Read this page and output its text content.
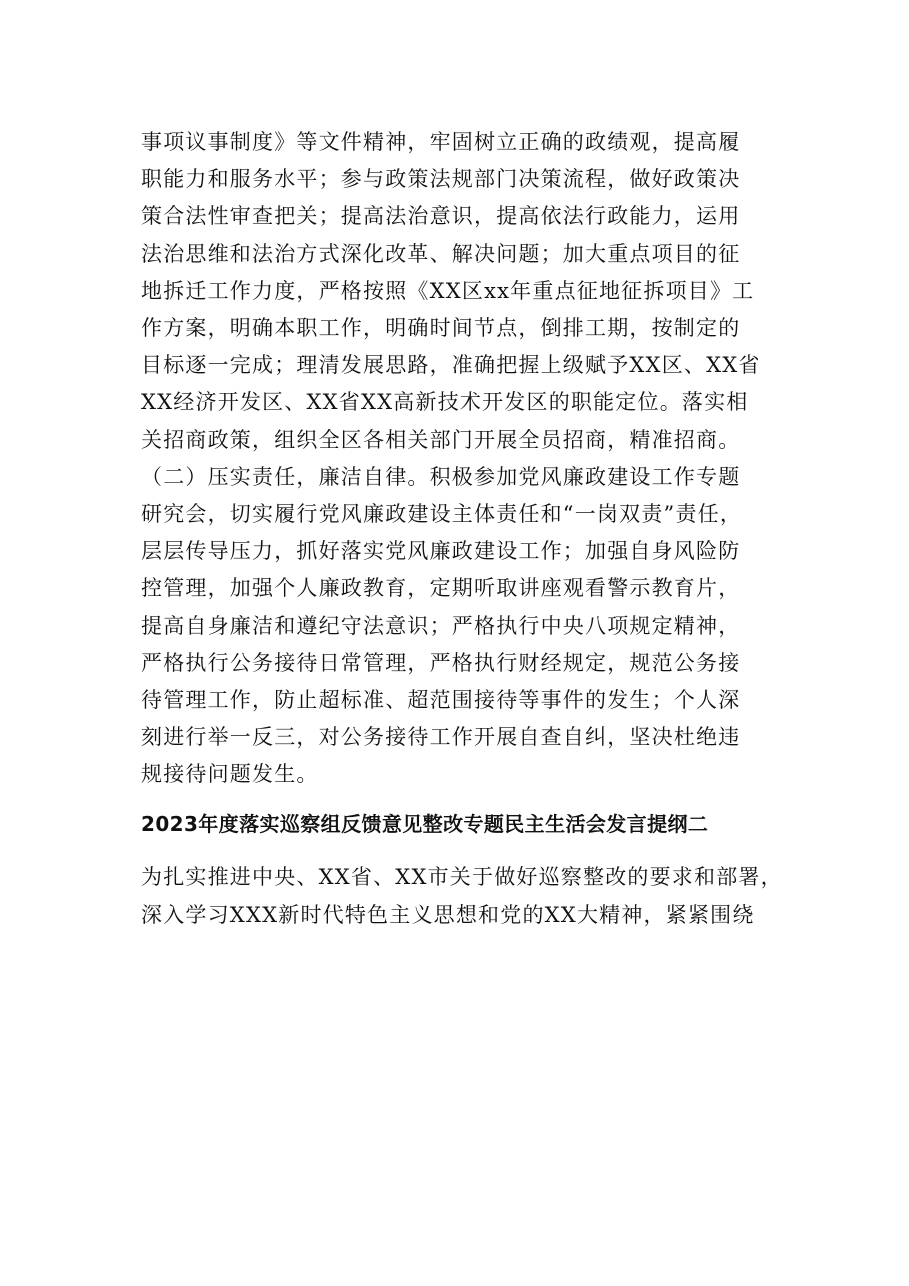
事项议事制度》等文件精神，牢固树立正确的政绩观，提高履
职能力和服务水平；参与政策法规部门决策流程，做好政策决
策合法性审查把关；提高法治意识，提高依法行政能力，运用
法治思维和法治方式深化改革、解决问题；加大重点项目的征
地拆迁工作力度，严格按照《XX区xx年重点征地征拆项目》工
作方案，明确本职工作，明确时间节点，倒排工期，按制定的
目标逐一完成；理清发展思路，准确把握上级赋予XX区、XX省
XX经济开发区、XX省XX高新技术开发区的职能定位。落实相
关招商政策，组织全区各相关部门开展全员招商，精准招商。
（二）压实责任，廉洁自律。积极参加党风廉政建设工作专题
研究会，切实履行党风廉政建设主体责任和“一岗双责”责任，
层层传导压力，抓好落实党风廉政建设工作；加强自身风险防
控管理，加强个人廉政教育，定期听取讲座观看警示教育片，
提高自身廉洁和遵纪守法意识；严格执行中央八项规定精神，
严格执行公务接待日常管理，严格执行财经规定，规范公务接
待管理工作，防止超标准、超范围接待等事件的发生；个人深
刻进行举一反三，对公务接待工作开展自查自纠，坚决杜绝违
规接待问题发生。
2023年度落实巡察组反馈意见整改专题民主生活会发言提纲二
为扎实推进中央、XX省、XX市关于做好巡察整改的要求和部署，
深入学习XXX新时代特色主义思想和党的XX大精神，紧紧围绕
